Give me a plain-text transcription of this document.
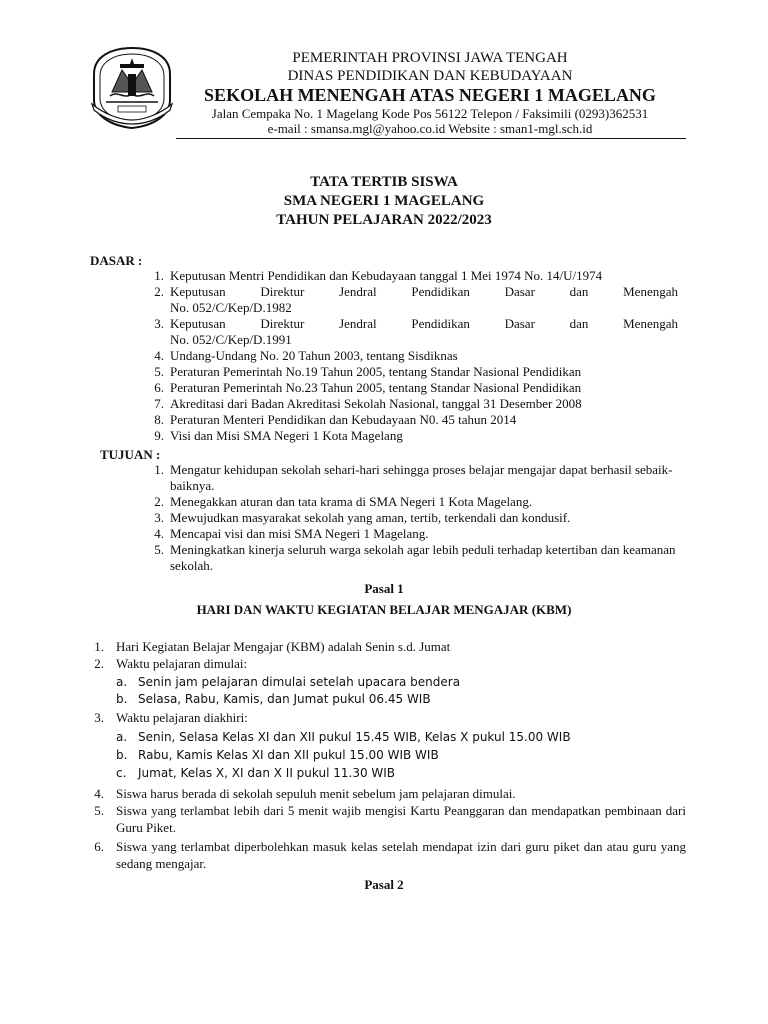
PEMERINTAH PROVINSI JAWA TENGAH
DINAS PENDIDIKAN DAN KEBUDAYAAN
SEKOLAH MENENGAH ATAS NEGERI 1 MAGELANG
Jalan Cempaka No. 1 Magelang Kode Pos 56122 Telepon / Faksimili (0293)362531
e-mail : smansa.mgl@yahoo.co.id Website : sman1-mgl.sch.id
TATA TERTIB SISWA
SMA NEGERI 1 MAGELANG
TAHUN PELAJARAN 2022/2023
DASAR :
1. Keputusan Mentri Pendidikan dan Kebudayaan tanggal 1 Mei 1974 No. 14/U/1974
2. Keputusan Direktur Jendral Pendidikan Dasar dan Menengah
No. 052/C/Kep/D.1982
3. Keputusan Direktur Jendral Pendidikan Dasar dan Menengah
No. 052/C/Kep/D.1991
4. Undang-Undang No. 20 Tahun 2003, tentang Sisdiknas
5. Peraturan Pemerintah No.19 Tahun 2005, tentang Standar Nasional Pendidikan
6. Peraturan Pemerintah No.23 Tahun 2005, tentang Standar Nasional Pendidikan
7. Akreditasi dari Badan Akreditasi Sekolah Nasional, tanggal 31 Desember 2008
8. Peraturan Menteri Pendidikan dan Kebudayaan N0. 45 tahun 2014
9. Visi dan Misi SMA Negeri 1 Kota Magelang
TUJUAN :
1. Mengatur kehidupan sekolah sehari-hari sehingga proses belajar mengajar dapat berhasil sebaik-baiknya.
2. Menegakkan aturan dan tata krama di SMA Negeri 1 Kota Magelang.
3. Mewujudkan masyarakat sekolah yang aman, tertib, terkendali dan kondusif.
4. Mencapai visi dan misi SMA Negeri 1 Magelang.
5. Meningkatkan kinerja seluruh warga sekolah agar lebih peduli terhadap ketertiban dan keamanan sekolah.
Pasal 1
HARI DAN WAKTU KEGIATAN BELAJAR MENGAJAR (KBM)
1. Hari Kegiatan Belajar Mengajar (KBM) adalah Senin s.d. Jumat
2. Waktu pelajaran dimulai:
a. Senin jam pelajaran dimulai setelah upacara bendera
b. Selasa, Rabu, Kamis, dan Jumat pukul 06.45 WIB
3. Waktu pelajaran diakhiri:
a. Senin, Selasa Kelas XI dan XII pukul 15.45 WIB, Kelas X pukul 15.00 WIB
b. Rabu, Kamis Kelas XI dan XII pukul 15.00 WIB WIB
c. Jumat, Kelas X, XI dan X II pukul 11.30 WIB
4. Siswa harus berada di sekolah sepuluh menit sebelum jam pelajaran dimulai.
5. Siswa yang terlambat lebih dari 5 menit wajib mengisi Kartu Peanggaran dan mendapatkan pembinaan dari Guru Piket.
6. Siswa yang terlambat diperbolehkan masuk kelas setelah mendapat izin dari guru piket dan atau guru yang sedang mengajar.
Pasal 2
